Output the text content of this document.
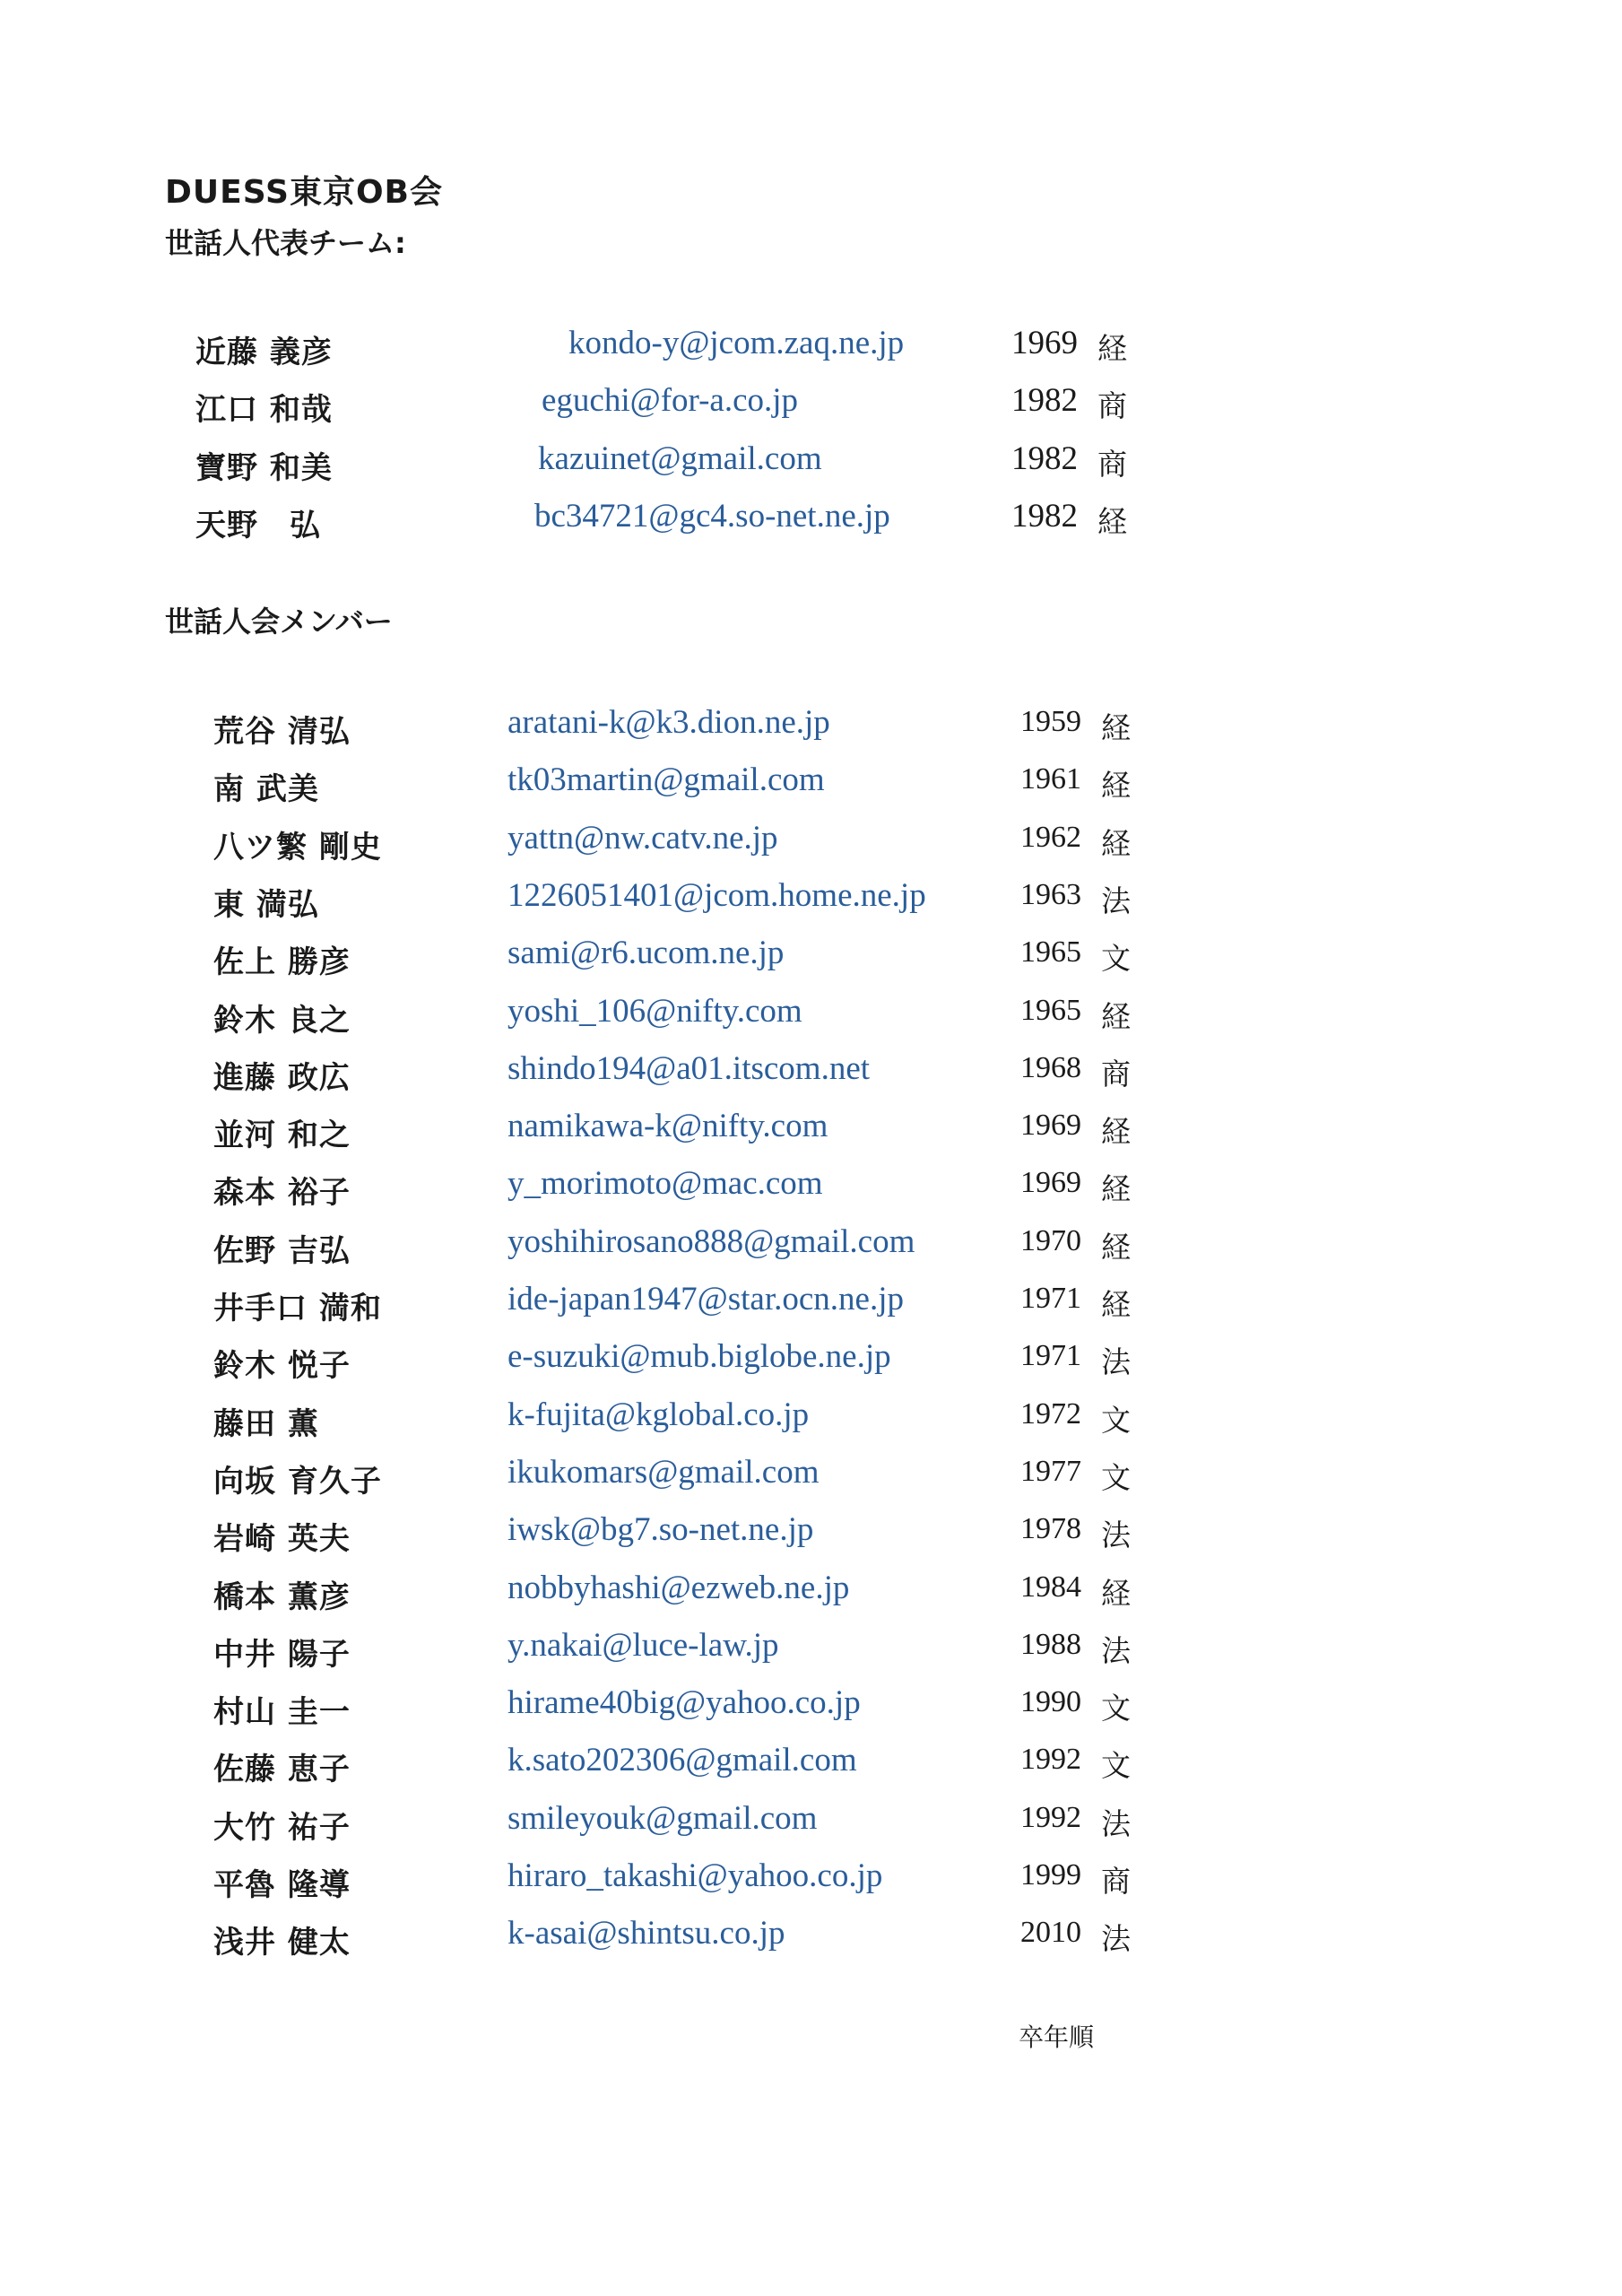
DUESS東京OB会
世話人代表チーム:
近藤 義彦	kondo-y@jcom.zaq.ne.jp	1969 経
江口 和哉	eguchi@for-a.co.jp	1982 商
寶野 和美	kazuinet@gmail.com	1982 商
天野　弘	bc34721@gc4.so-net.ne.jp	1982 経
世話人会メンバー
荒谷 清弘	aratani-k@k3.dion.ne.jp	1959 経
南 武美	tk03martin@gmail.com	1961 経
八ツ繁 剛史	yattn@nw.catv.ne.jp	1962 経
東 満弘	1226051401@jcom.home.ne.jp	1963 法
佐上 勝彦	sami@r6.ucom.ne.jp	1965 文
鈴木 良之	yoshi_106@nifty.com	1965 経
進藤 政広	shindo194@a01.itscom.net	1968 商
並河 和之	namikawa-k@nifty.com	1969 経
森本 裕子	y_morimoto@mac.com	1969 経
佐野 吉弘	yoshihirosano888@gmail.com	1970 経
井手口 満和	ide-japan1947@star.ocn.ne.jp	1971 経
鈴木 悦子	e-suzuki@mub.biglobe.ne.jp	1971 法
藤田 薫	k-fujita@kglobal.co.jp	1972 文
向坂 育久子	ikukomars@gmail.com	1977 文
岩崎 英夫	iwsk@bg7.so-net.ne.jp	1978 法
橋本 薫彦	nobbyhashi@ezweb.ne.jp	1984 経
中井 陽子	y.nakai@luce-law.jp	1988 法
村山 圭一	hirame40big@yahoo.co.jp	1990 文
佐藤 恵子	k.sato202306@gmail.com	1992 文
大竹 祐子	smileyouk@gmail.com	1992 法
平魯 隆導	hiraro_takashi@yahoo.co.jp	1999 商
浅井 健太	k-asai@shintsu.co.jp	2010 法
卒年順
